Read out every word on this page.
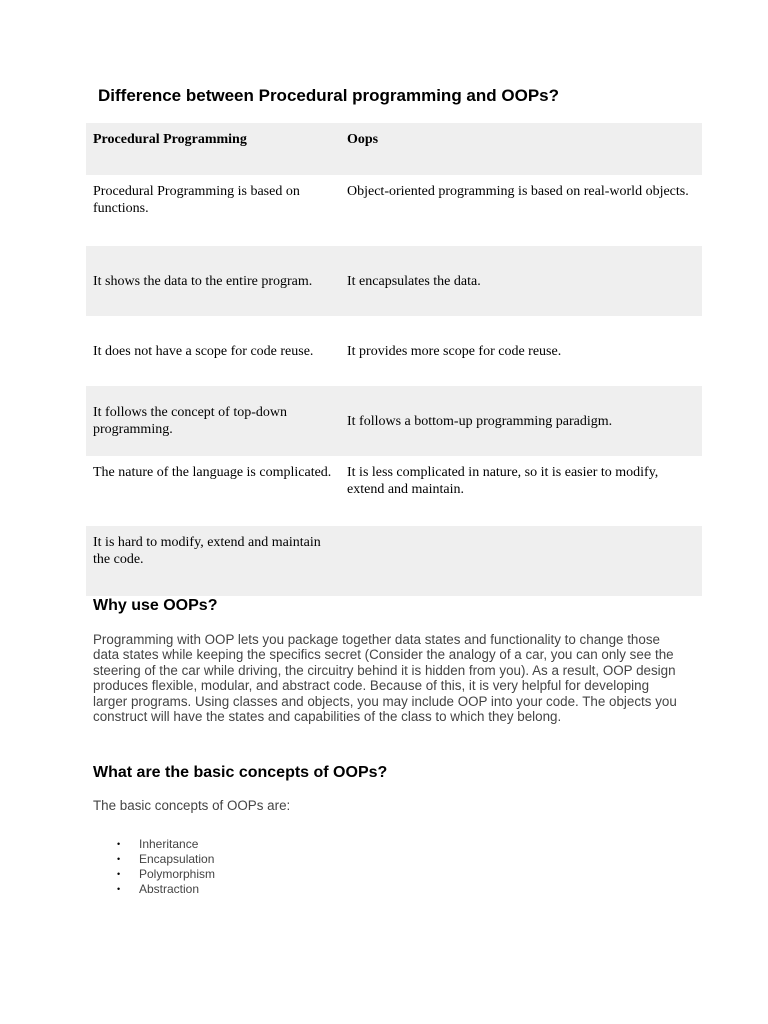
Difference between Procedural programming and OOPs?
Procedural Programming	Oops
Procedural Programming is based on functions.	Object-oriented programming is based on real-world objects.
It shows the data to the entire program.	It encapsulates the data.
It does not have a scope for code reuse.	It provides more scope for code reuse.
It follows the concept of top-down programming.	It follows a bottom-up programming paradigm.
The nature of the language is complicated.	It is less complicated in nature, so it is easier to modify, extend and maintain.
It is hard to modify, extend and maintain the code.	
Why use OOPs?

Programming with OOP lets you package together data states and functionality to change those data states while keeping the specifics secret (Consider the analogy of a car, you can only see the steering of the car while driving, the circuitry behind it is hidden from you). As a result, OOP design produces flexible, modular, and abstract code. Because of this, it is very helpful for developing larger programs. Using classes and objects, you may include OOP into your code. The objects you construct will have the states and capabilities of the class to which they belong.

What are the basic concepts of OOPs?

The basic concepts of OOPs are:

• Inheritance
• Encapsulation
• Polymorphism
• Abstraction
